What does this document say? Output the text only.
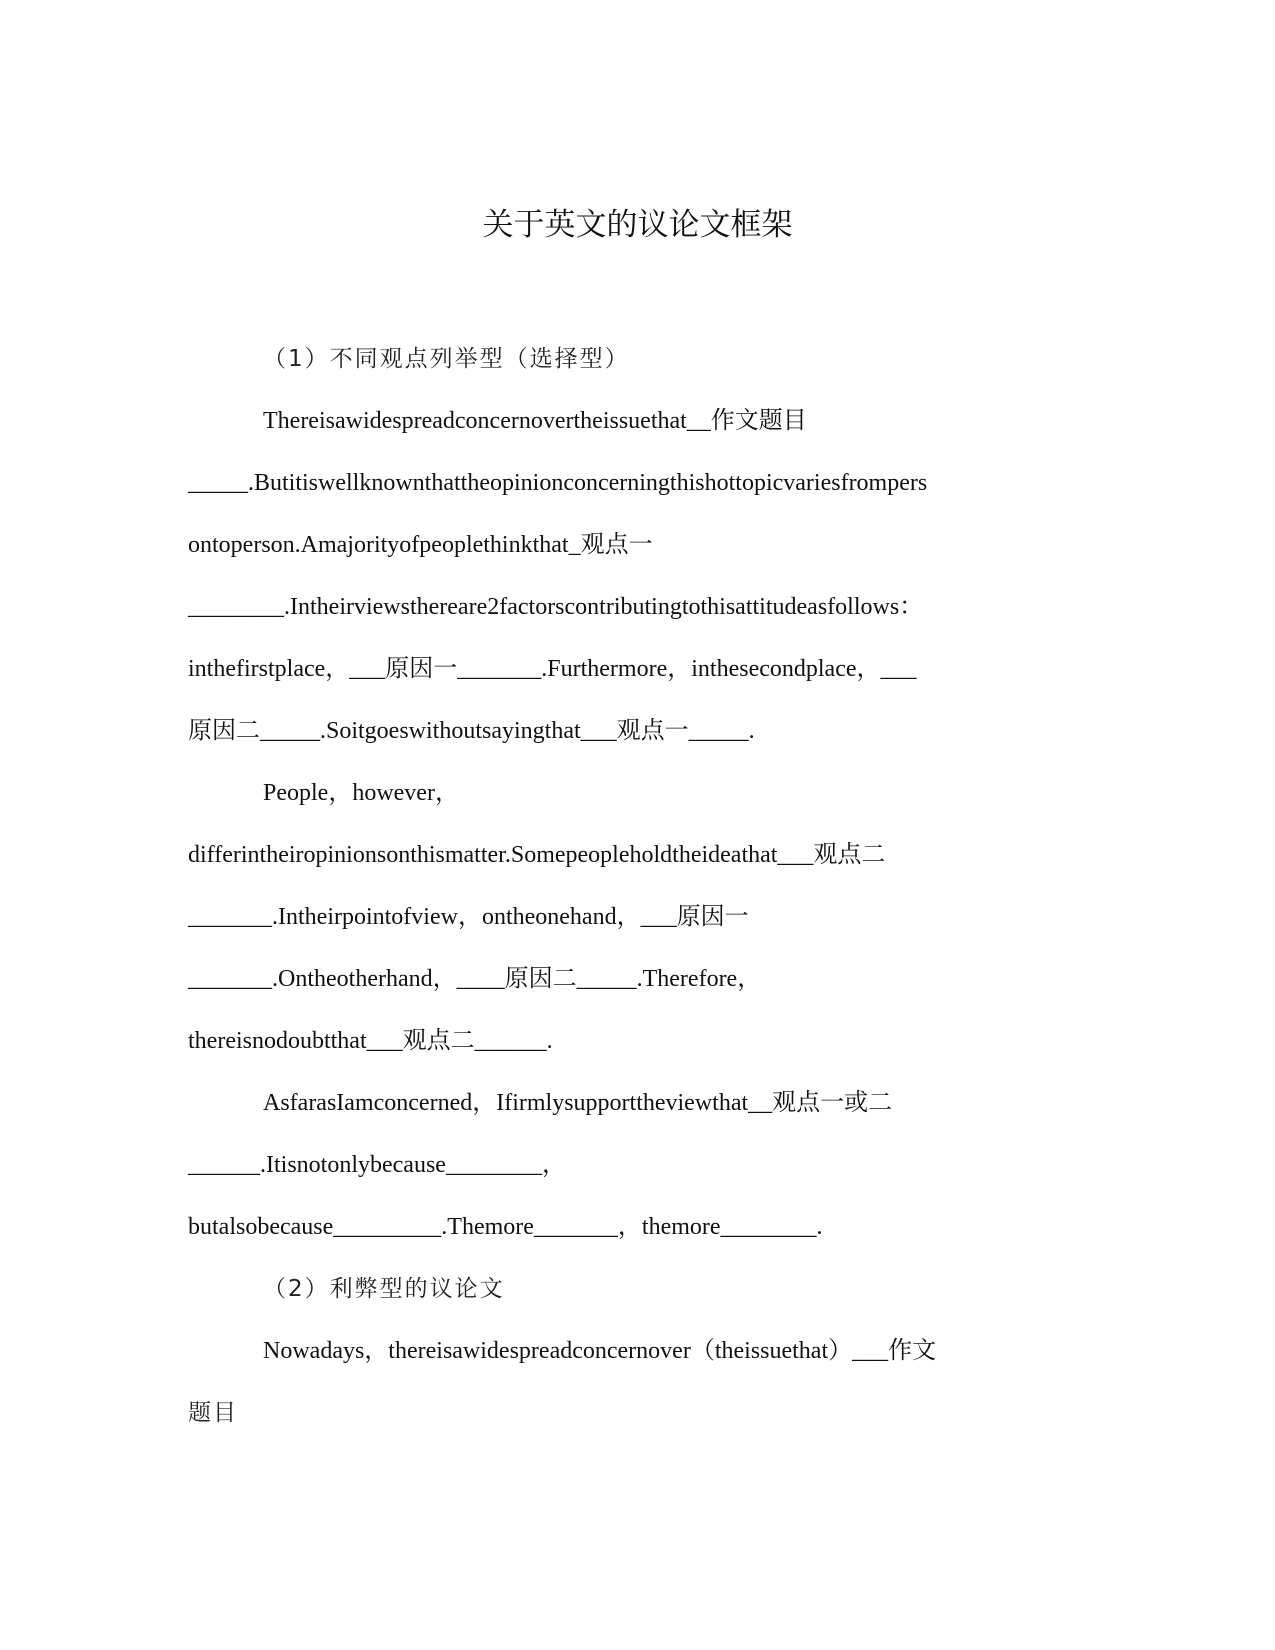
关于英文的议论文框架
（1）不同观点列举型（选择型）
Thereisawidespreadconcernovertheissuethat__作文题目
_____.Butitiswellknownthattheopinionconcerningthishottopicvariesfrompers
ontoperson.Amajorityofpeoplethinkthat_观点一
________.Intheirviewsthereare2factorscontributingtothisattitudeasfollows：
inthefirstplace，___原因一_______.Furthermore，inthesecondplace，___
原因二_____.Soitgoeswithoutsayingthat___观点一_____.
People，however，
differintheiropinionsonthismatter.Somepeopleholdtheideathat___观点二
_______.Intheirpointofview，ontheonehand，___原因一
_______.Ontheotherhand，____原因二_____.Therefore，
thereisnodoubtthat___观点二______.
AsfarasIamconcerned，Ifirmlysupporttheviewthat__观点一或二
______.Itisnotonlybecause________，
butalsobecause_________.Themore_______，themore________.
（2）利弊型的议论文
Nowadays，thereisawidespreadconcernover（theissuethat）___作文
题目
